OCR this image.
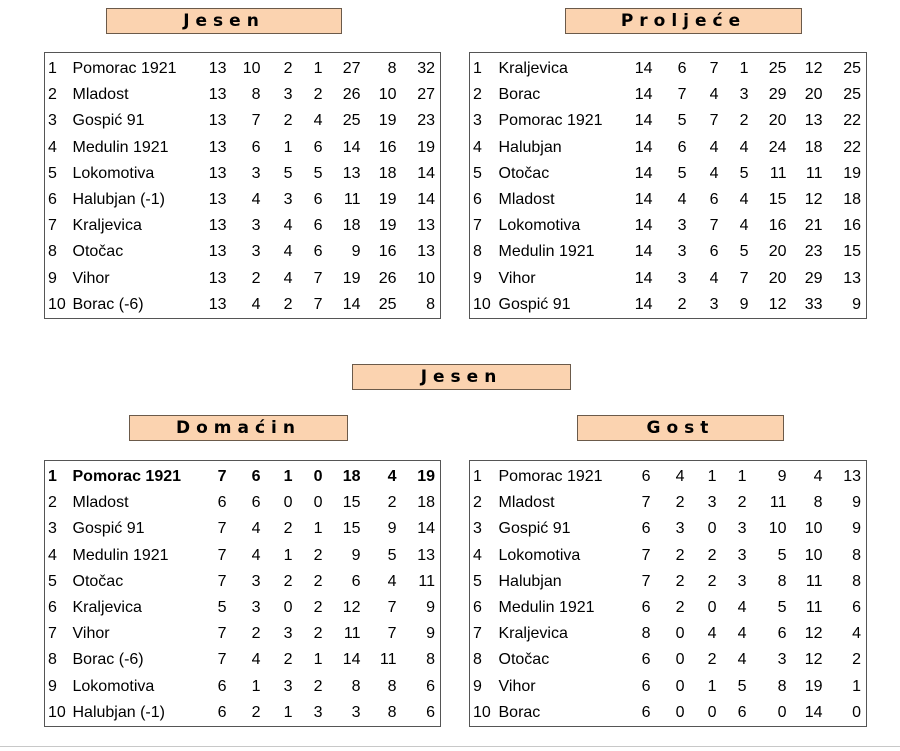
Jesen	Proljeće
1	Pomorac 1921	13	10	2	1	27	8	32
2	Mladost	13	8	3	2	26	10	27
3	Gospić 91	13	7	2	4	25	19	23
4	Medulin 1921	13	6	1	6	14	16	19
5	Lokomotiva	13	3	5	5	13	18	14
6	Halubjan (-1)	13	4	3	6	11	19	14
7	Kraljevica	13	3	4	6	18	19	13
8	Otočac	13	3	4	6	9	16	13
9	Vihor	13	2	4	7	19	26	10
10	Borac (-6)	13	4	2	7	14	25	8
1	Kraljevica	14	6	7	1	25	12	25
2	Borac	14	7	4	3	29	20	25
3	Pomorac 1921	14	5	7	2	20	13	22
4	Halubjan	14	6	4	4	24	18	22
5	Otočac	14	5	4	5	11	11	19
6	Mladost	14	4	6	4	15	12	18
7	Lokomotiva	14	3	7	4	16	21	16
8	Medulin 1921	14	3	6	5	20	23	15
9	Vihor	14	3	4	7	20	29	13
10	Gospić 91	14	2	3	9	12	33	9
Jesen
Domaćin	Gost
1	Pomorac 1921	7	6	1	0	18	4	19
2	Mladost	6	6	0	0	15	2	18
3	Gospić 91	7	4	2	1	15	9	14
4	Medulin 1921	7	4	1	2	9	5	13
5	Otočac	7	3	2	2	6	4	11
6	Kraljevica	5	3	0	2	12	7	9
7	Vihor	7	2	3	2	11	7	9
8	Borac (-6)	7	4	2	1	14	11	8
9	Lokomotiva	6	1	3	2	8	8	6
10	Halubjan (-1)	6	2	1	3	3	8	6
1	Pomorac 1921	6	4	1	1	9	4	13
2	Mladost	7	2	3	2	11	8	9
3	Gospić 91	6	3	0	3	10	10	9
4	Lokomotiva	7	2	2	3	5	10	8
5	Halubjan	7	2	2	3	8	11	8
6	Medulin 1921	6	2	0	4	5	11	6
7	Kraljevica	8	0	4	4	6	12	4
8	Otočac	6	0	2	4	3	12	2
9	Vihor	6	0	1	5	8	19	1
10	Borac	6	0	0	6	0	14	0
